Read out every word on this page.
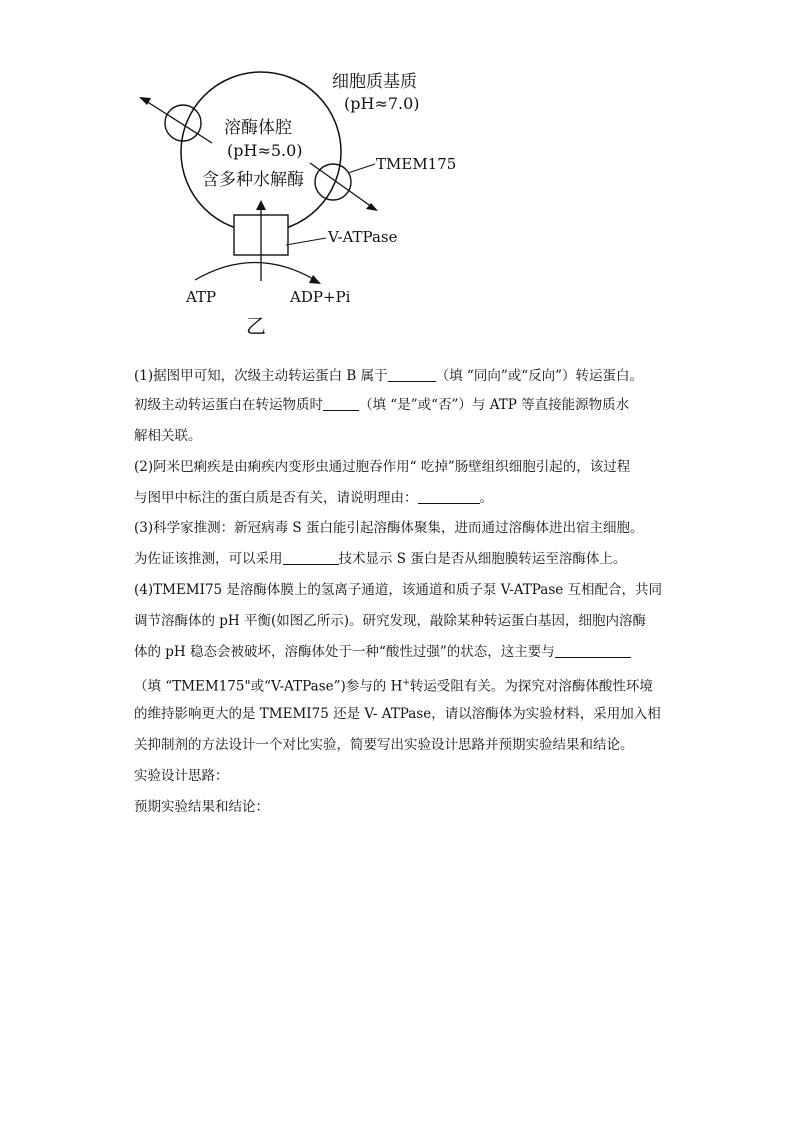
细胞质基质
(pH≈7.0)
溶酶体腔
(pH≈5.0)
含多种水解酶
TMEM175
V-ATPase
ATP	ADP+Pi
乙
(1)据图甲可知，次级主动转运蛋白 B 属于	（填 “同向”或“反向”）转运蛋白。
初级主动转运蛋白在转运物质时	（填 “是”或“否”）与 ATP 等直接能源物质水
解相关联。
(2)阿米巴痢疾是由痢疾内变形虫通过胞吞作用“ 吃掉”肠壁组织细胞引起的，该过程
与图甲中标注的蛋白质是否有关，请说明理由：	。
(3)科学家推测：新冠病毒 S 蛋白能引起溶酶体聚集，进而通过溶酶体进出宿主细胞。
为佐证该推测，可以采用	技术显示 S 蛋白是否从细胞膜转运至溶酶体上。
(4)TMEMI75 是溶酶体膜上的氢离子通道，该通道和质子泵 V-ATPase 互相配合，共同
调节溶酶体的 pH 平衡(如图乙所示)。研究发现，敲除某种转运蛋白基因，细胞内溶酶
体的 pH 稳态会被破坏，溶酶体处于一种“酸性过强”的状态，这主要与
（填 “TMEM175"或“V-ATPase”)参与的 H+转运受阻有关。为探究对溶酶体酸性环境
的维持影响更大的是 TMEMI75 还是 V- ATPase，请以溶酶体为实验材料，采用加入相
关抑制剂的方法设计一个对比实验，简要写出实验设计思路并预期实验结果和结论。
实验设计思路：
预期实验结果和结论：
